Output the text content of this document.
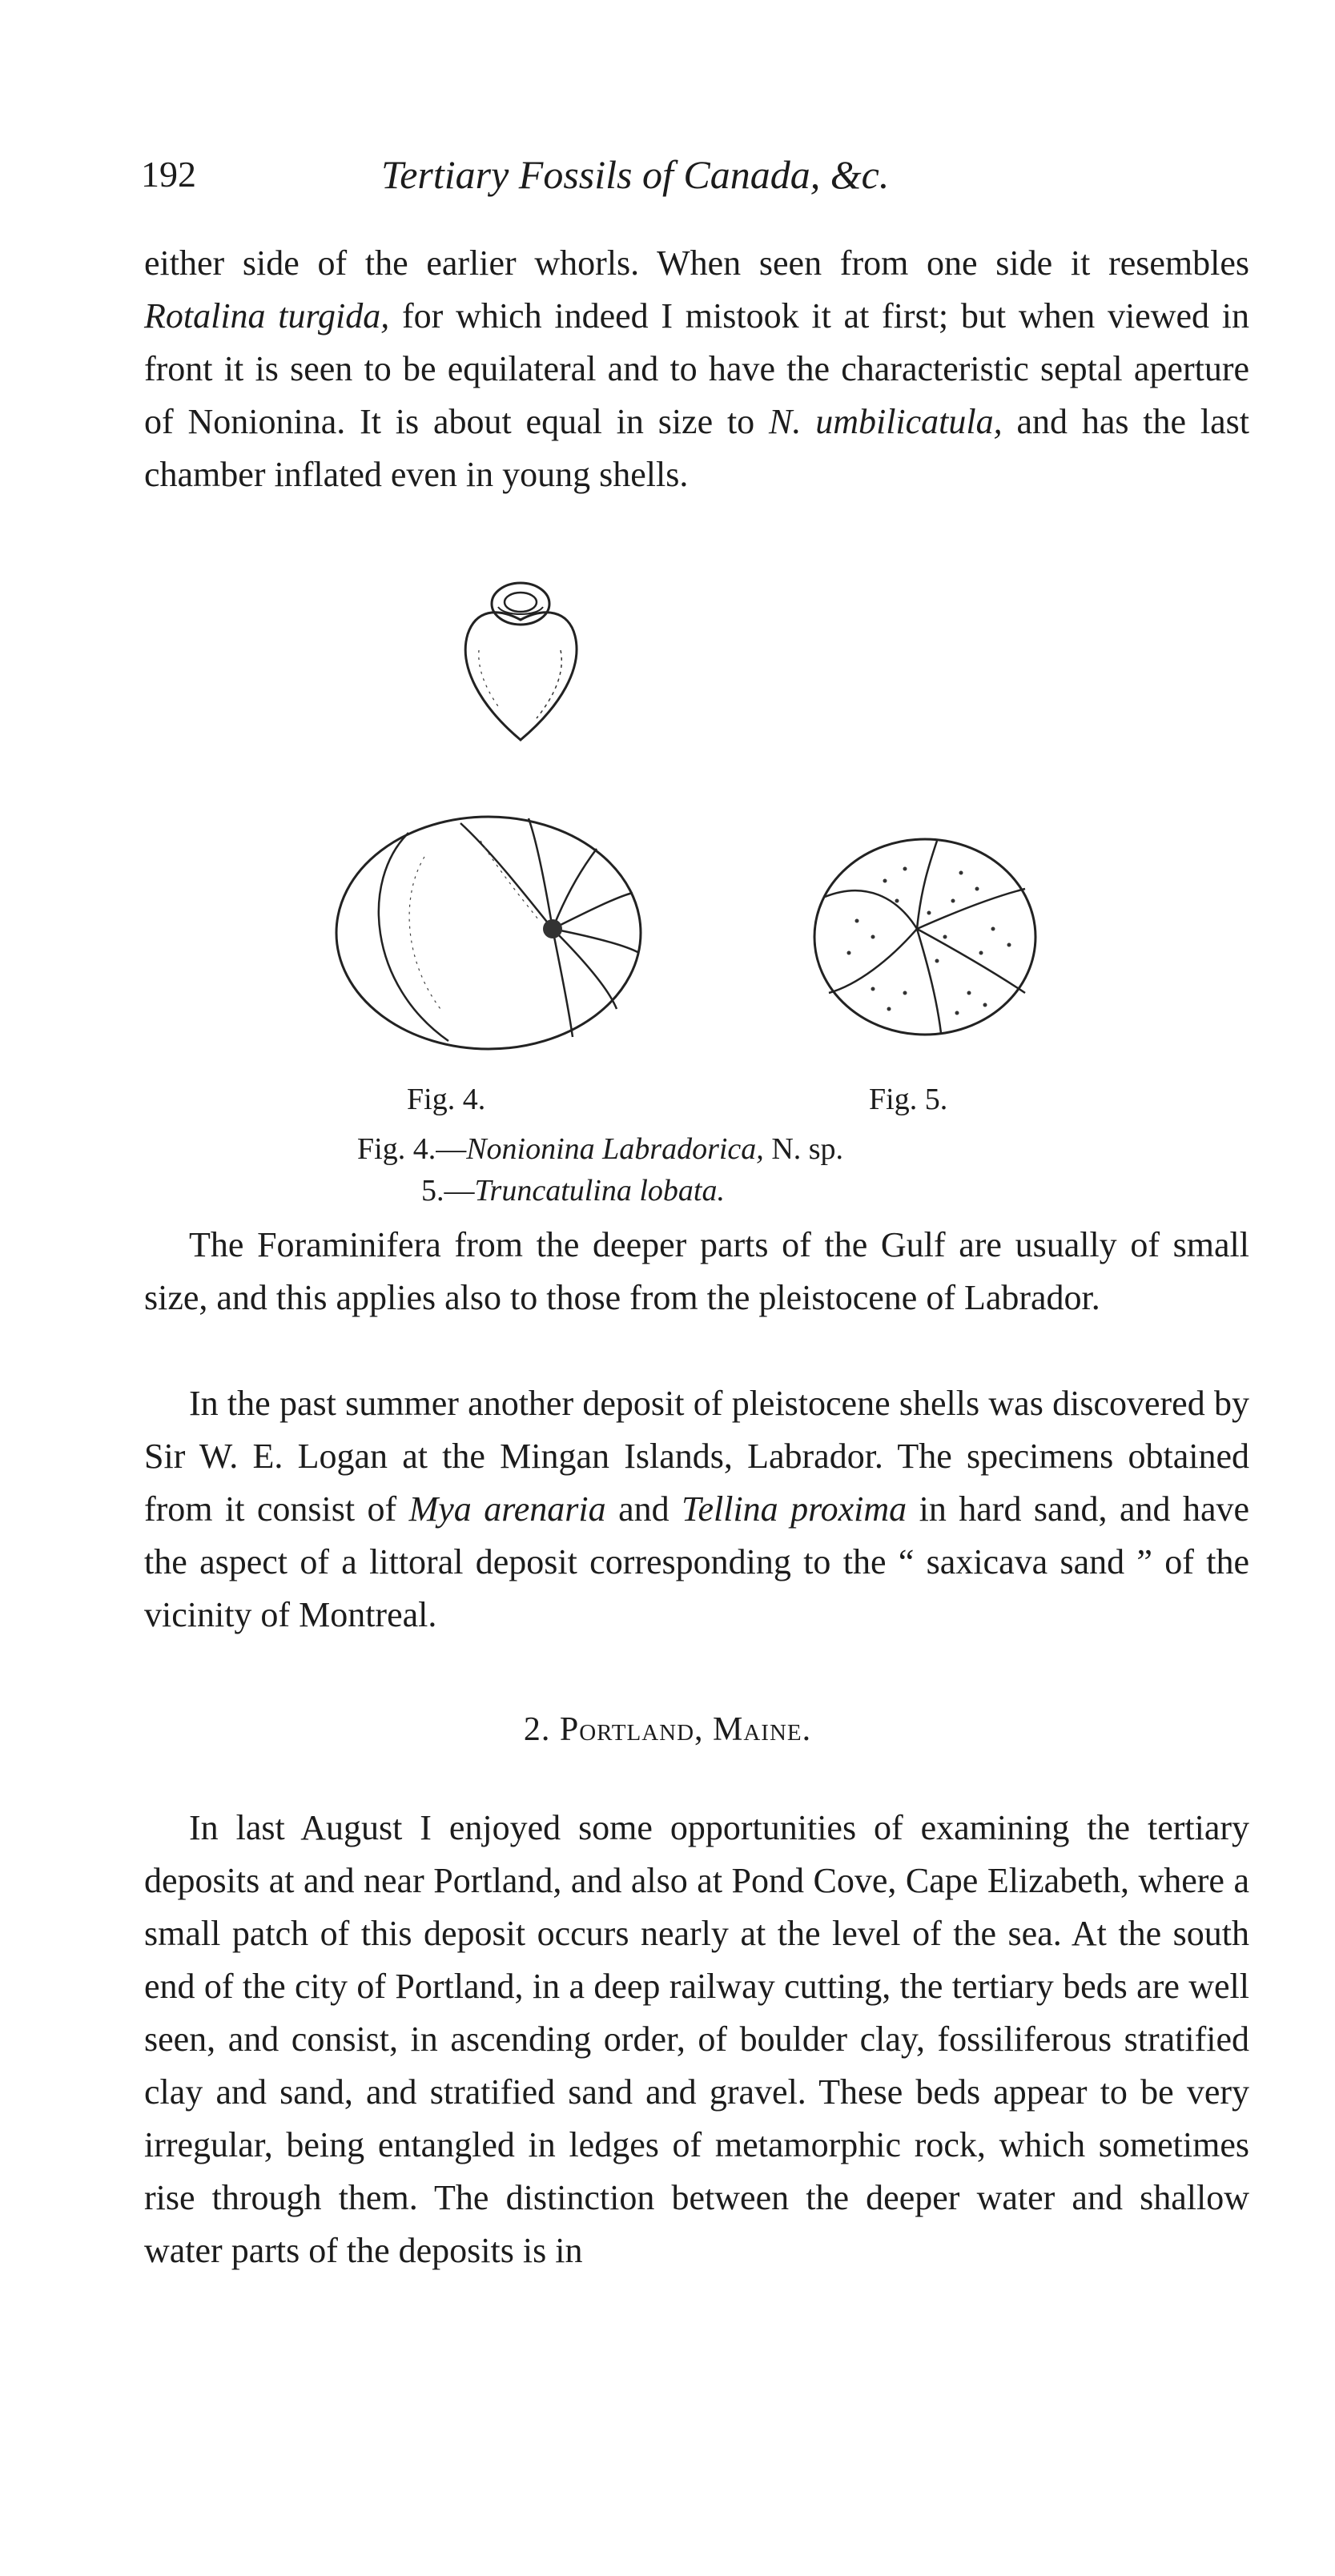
192	Tertiary Fossils of Canada, &c.

either side of the earlier whorls. When seen from one side it resembles Rotalina turgida, for which indeed I mistook it at first; but when viewed in front it is seen to be equilateral and to have the characteristic septal aperture of Nonionina. It is about equal in size to N. umbilicatula, and has the last chamber inflated even in young shells.

Fig. 4.	Fig. 5.
Fig. 4.—Nonionina Labradorica, N. sp.
5.—Truncatulina lobata.

The Foraminifera from the deeper parts of the Gulf are usually of small size, and this applies also to those from the pleistocene of Labrador.

In the past summer another deposit of pleistocene shells was discovered by Sir W. E. Logan at the Mingan Islands, Labrador. The specimens obtained from it consist of Mya arenaria and Tellina proxima in hard sand, and have the aspect of a littoral deposit corresponding to the “ saxicava sand ” of the vicinity of Montreal.

2. Portland, Maine.

In last August I enjoyed some opportunities of examining the tertiary deposits at and near Portland, and also at Pond Cove, Cape Elizabeth, where a small patch of this deposit occurs nearly at the level of the sea. At the south end of the city of Portland, in a deep railway cutting, the tertiary beds are well seen, and consist, in ascending order, of boulder clay, fossiliferous stratified clay and sand, and stratified sand and gravel. These beds appear to be very irregular, being entangled in ledges of metamorphic rock, which sometimes rise through them. The distinction between the deeper water and shallow water parts of the deposits is in
